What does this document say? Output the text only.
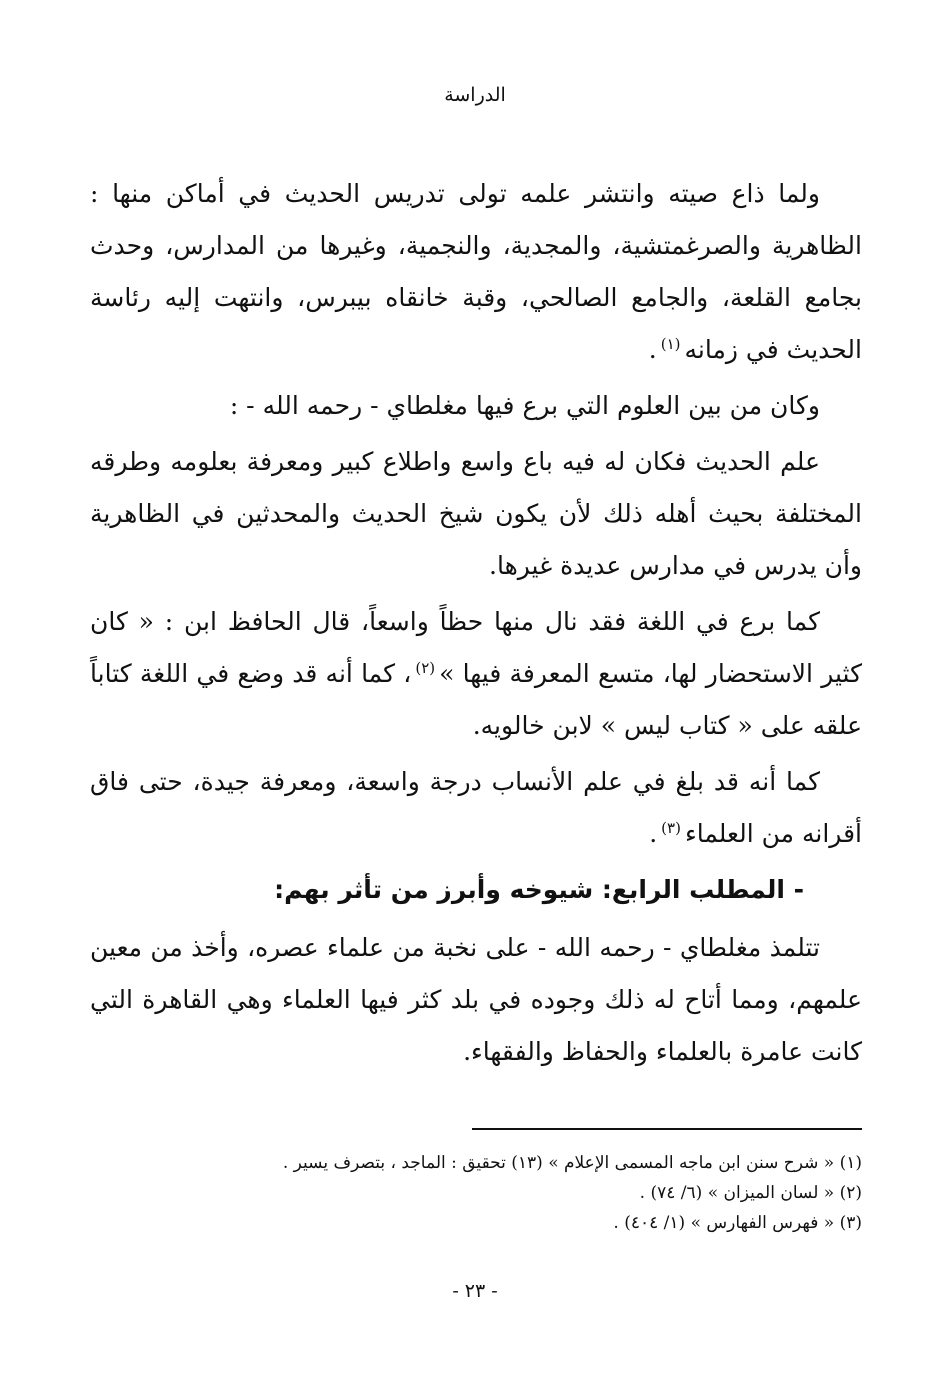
الدراسة

ولما ذاع صيته وانتشر علمه تولى تدريس الحديث في أماكن منها : الظاهرية والصرغمتشية، والمجدية، والنجمية، وغيرها من المدارس، وحدث بجامع القلعة، والجامع الصالحي، وقبة خانقاه بيبرس، وانتهت إليه رئاسة الحديث في زمانه$^{(١)}$.

وكان من بين العلوم التي برع فيها مغلطاي - رحمه الله - :

علم الحديث فكان له فيه باع واسع واطلاع كبير ومعرفة بعلومه وطرقه المختلفة بحيث أهله ذلك لأن يكون شيخ الحديث والمحدثين في الظاهرية وأن يدرس في مدارس عديدة غيرها.

كما برع في اللغة فقد نال منها حظاً واسعاً، قال الحافظ ابن : « كان كثير الاستحضار لها، متسع المعرفة فيها »$^{(٢)}$، كما أنه قد وضع في اللغة كتاباً علقه على « كتاب ليس » لابن خالويه.

كما أنه قد بلغ في علم الأنساب درجة واسعة، ومعرفة جيدة، حتى فاق أقرانه من العلماء$^{(٣)}$.

- المطلب الرابع: شيوخه وأبرز من تأثر بهم:

تتلمذ مغلطاي - رحمه الله - على نخبة من علماء عصره، وأخذ من معين علمهم، ومما أتاح له ذلك وجوده في بلد كثر فيها العلماء وهي القاهرة التي كانت عامرة بالعلماء والحفاظ والفقهاء.

(١) « شرح سنن ابن ماجه المسمى الإعلام » (١٣) تحقيق : الماجد ، بتصرف يسير .

(٢) « لسان الميزان » (٦/ ٧٤) .

(٣) « فهرس الفهارس » (١/ ٤٠٤) .

- ٢٣ -
